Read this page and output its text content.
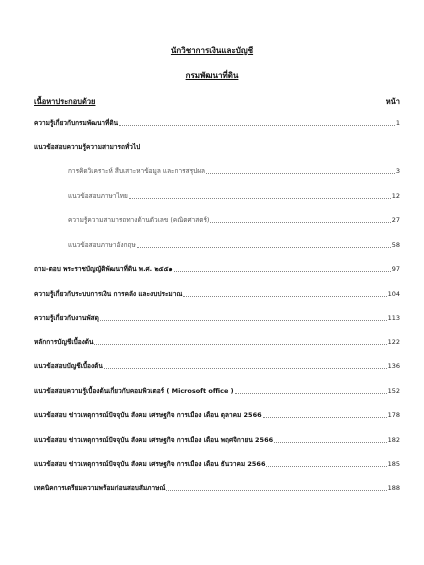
นักวิชาการเงินและบัญชี
กรมพัฒนาที่ดิน
เนื้อหาประกอบด้วย	หน้า
ความรู้เกี่ยวกับกรมพัฒนาที่ดิน	1
แนวข้อสอบความรู้ความสามารถทั่วไป
การคิดวิเคราะห์ สืบเสาะหาข้อมูล และการสรุปผล	3
แนวข้อสอบภาษาไทย	12
ความรู้ความสามารถทางด้านตัวเลข (คณิตศาสตร์)	27
แนวข้อสอบภาษาอังกฤษ	58
ถาม-ตอบ พระราชบัญญัติพัฒนาที่ดิน พ.ศ. ๒๕๕๑	97
ความรู้เกี่ยวกับระบบการเงิน การคลัง และงบประมาณ	104
ความรู้เกี่ยวกับงานพัสดุ	113
หลักการบัญชีเบื้องต้น	122
แนวข้อสอบบัญชีเบื้องต้น	136
แนวข้อสอบความรู้เบื้องต้นเกี่ยวกับคอมพิวเตอร์ ( Microsoft office )	152
แนวข้อสอบ ข่าวเหตุการณ์ปัจจุบัน สังคม เศรษฐกิจ การเมือง เดือน ตุลาคม 2566	178
แนวข้อสอบ ข่าวเหตุการณ์ปัจจุบัน สังคม เศรษฐกิจ การเมือง เดือน พฤศจิกายน 2566	182
แนวข้อสอบ ข่าวเหตุการณ์ปัจจุบัน สังคม เศรษฐกิจ การเมือง เดือน ธันวาคม 2566	185
เทคนิคการเตรียมความพร้อมก่อนสอบสัมภาษณ์	188
